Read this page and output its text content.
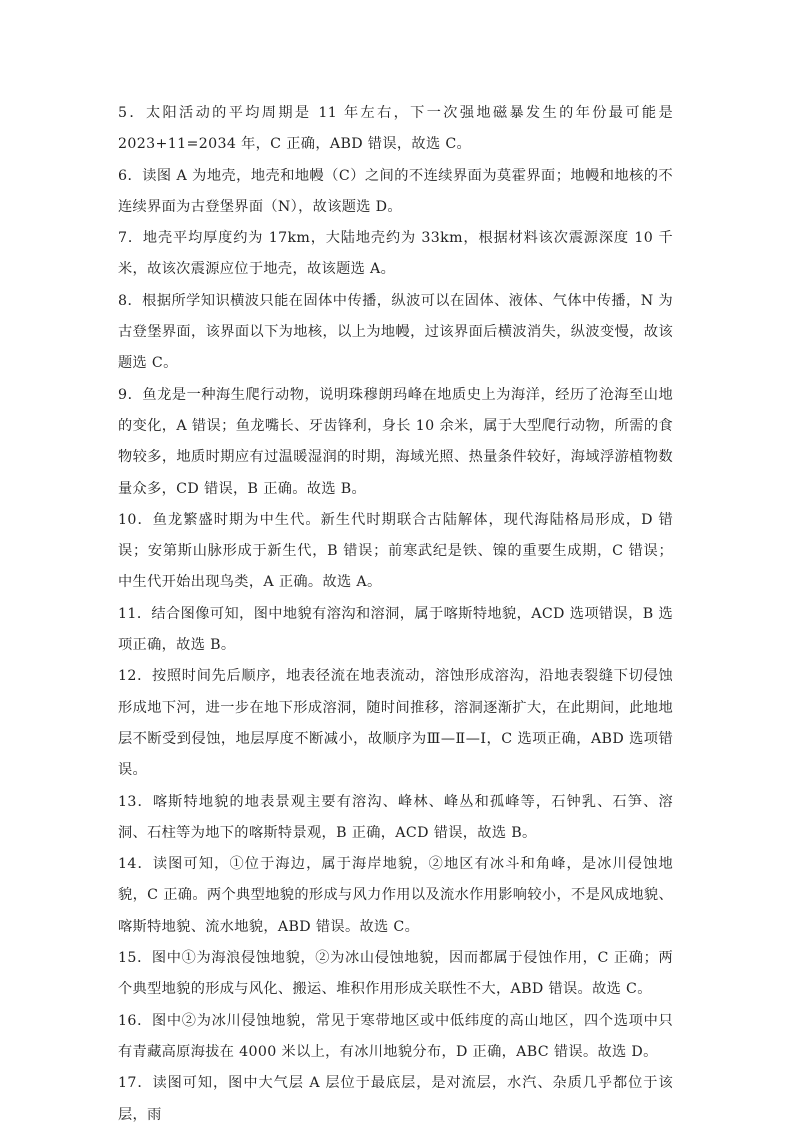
5．太阳活动的平均周期是 11 年左右，下一次强地磁暴发生的年份最可能是 2023+11=2034 年，C 正确，ABD 错误，故选 C。

6．读图 A 为地壳，地壳和地幔（C）之间的不连续界面为莫霍界面；地幔和地核的不连续界面为古登堡界面（N），故该题选 D。

7．地壳平均厚度约为 17km，大陆地壳约为 33km，根据材料该次震源深度 10 千米，故该次震源应位于地壳，故该题选 A。

8．根据所学知识横波只能在固体中传播，纵波可以在固体、液体、气体中传播，N 为古登堡界面，该界面以下为地核，以上为地幔，过该界面后横波消失，纵波变慢，故该题选 C。

9．鱼龙是一种海生爬行动物，说明珠穆朗玛峰在地质史上为海洋，经历了沧海至山地的变化，A 错误；鱼龙嘴长、牙齿锋利，身长 10 余米，属于大型爬行动物，所需的食物较多，地质时期应有过温暖湿润的时期，海域光照、热量条件较好，海域浮游植物数量众多，CD 错误，B 正确。故选 B。

10．鱼龙繁盛时期为中生代。新生代时期联合古陆解体，现代海陆格局形成，D 错误；安第斯山脉形成于新生代，B 错误；前寒武纪是铁、镍的重要生成期，C 错误；中生代开始出现鸟类，A 正确。故选 A。

11．结合图像可知，图中地貌有溶沟和溶洞，属于喀斯特地貌，ACD 选项错误，B 选项正确，故选 B。

12．按照时间先后顺序，地表径流在地表流动，溶蚀形成溶沟，沿地表裂缝下切侵蚀形成地下河，进一步在地下形成溶洞，随时间推移，溶洞逐渐扩大，在此期间，此地地层不断受到侵蚀，地层厚度不断减小，故顺序为Ⅲ—Ⅱ—Ⅰ，C 选项正确，ABD 选项错误。

13．喀斯特地貌的地表景观主要有溶沟、峰林、峰丛和孤峰等，石钟乳、石笋、溶洞、石柱等为地下的喀斯特景观，B 正确，ACD 错误，故选 B。

14．读图可知，①位于海边，属于海岸地貌，②地区有冰斗和角峰，是冰川侵蚀地貌，C 正确。两个典型地貌的形成与风力作用以及流水作用影响较小，不是风成地貌、喀斯特地貌、流水地貌，ABD 错误。故选 C。

15．图中①为海浪侵蚀地貌，②为冰山侵蚀地貌，因而都属于侵蚀作用，C 正确；两个典型地貌的形成与风化、搬运、堆积作用形成关联性不大，ABD 错误。故选 C。

16．图中②为冰川侵蚀地貌，常见于寒带地区或中低纬度的高山地区，四个选项中只有青藏高原海拔在 4000 米以上，有冰川地貌分布，D 正确，ABC 错误。故选 D。

17．读图可知，图中大气层 A 层位于最底层，是对流层，水汽、杂质几乎都位于该层，雨
